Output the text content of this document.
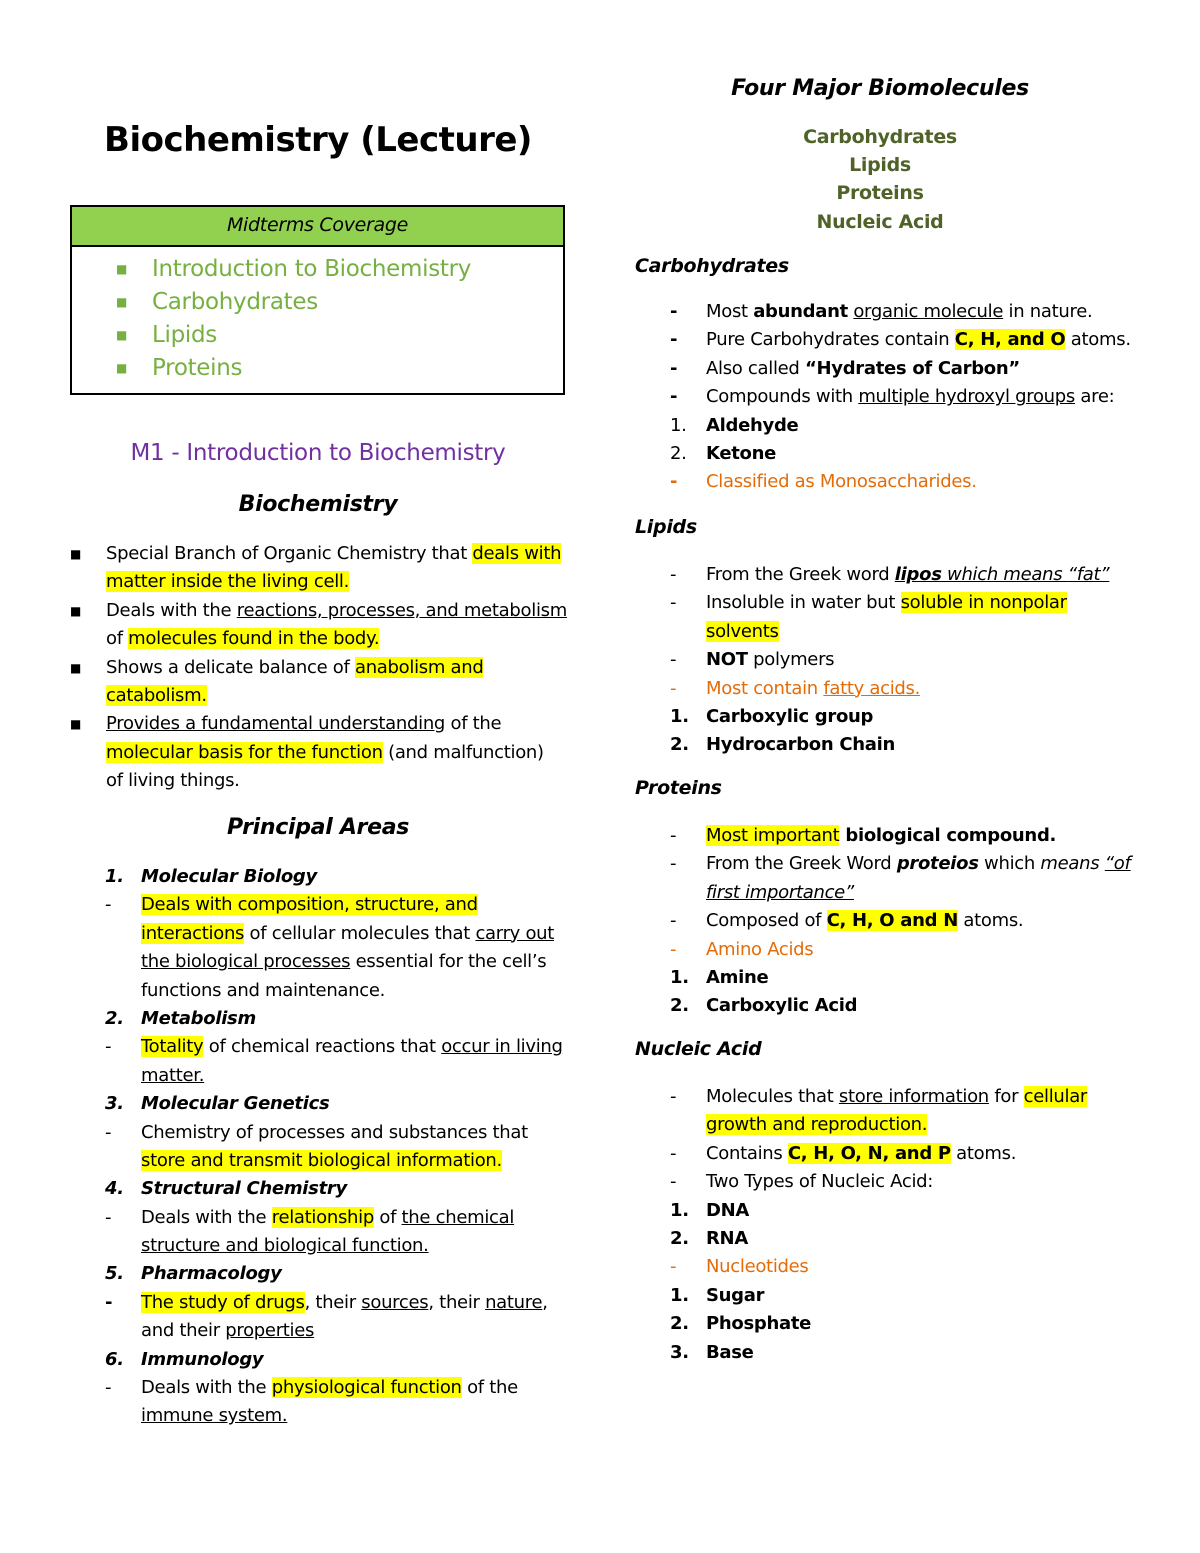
Biochemistry (Lecture)
Midterms Coverage
■ Introduction to Biochemistry
■ Carbohydrates
■ Lipids
■ Proteins
M1 - Introduction to Biochemistry
Biochemistry
■ Special Branch of Organic Chemistry that deals with
matter inside the living cell.
■ Deals with the reactions, processes, and metabolism
of molecules found in the body.
■ Shows a delicate balance of anabolism and
catabolism.
■ Provides a fundamental understanding of the
molecular basis for the function (and malfunction)
of living things.
Principal Areas
1. Molecular Biology
- Deals with composition, structure, and
interactions of cellular molecules that carry out
the biological processes essential for the cell’s
functions and maintenance.
2. Metabolism
- Totality of chemical reactions that occur in living
matter.
3. Molecular Genetics
- Chemistry of processes and substances that
store and transmit biological information.
4. Structural Chemistry
- Deals with the relationship of the chemical
structure and biological function.
5. Pharmacology
- The study of drugs, their sources, their nature,
and their properties
6. Immunology
- Deals with the physiological function of the
immune system.
Four Major Biomolecules
Carbohydrates
Lipids
Proteins
Nucleic Acid
Carbohydrates
- Most abundant organic molecule in nature.
- Pure Carbohydrates contain C, H, and O atoms.
- Also called “Hydrates of Carbon”
- Compounds with multiple hydroxyl groups are:
1. Aldehyde
2. Ketone
- Classified as Monosaccharides.
Lipids
- From the Greek word lipos which means “fat”
- Insoluble in water but soluble in nonpolar
solvents
- NOT polymers
- Most contain fatty acids.
1. Carboxylic group
2. Hydrocarbon Chain
Proteins
- Most important biological compound.
- From the Greek Word proteios which means “of
first importance”
- Composed of C, H, O and N atoms.
- Amino Acids
1. Amine
2. Carboxylic Acid
Nucleic Acid
- Molecules that store information for cellular
growth and reproduction.
- Contains C, H, O, N, and P atoms.
- Two Types of Nucleic Acid:
1. DNA
2. RNA
- Nucleotides
1. Sugar
2. Phosphate
3. Base
